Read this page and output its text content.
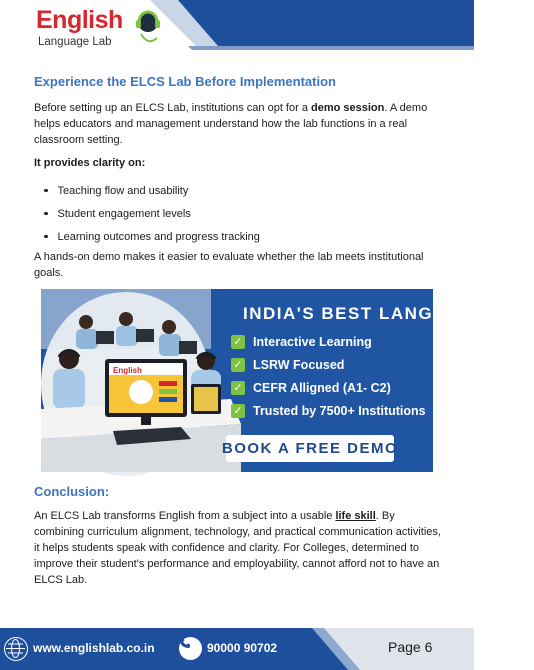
English
Language Lab
Experience the ELCS Lab Before Implementation
Before setting up an ELCS Lab, institutions can opt for a demo session. A demo helps educators and management understand how the lab functions in a real classroom setting.
It provides clarity on:
Teaching flow and usability
Student engagement levels
Learning outcomes and progress tracking
A hands-on demo makes it easier to evaluate whether the lab meets institutional goals.
English
INDIA'S BEST LANGUAGE LAB
✓ Interactive Learning
✓ LSRW Focused
✓ CEFR Alligned (A1- C2)
✓ Trusted by 7500+ Institutions
BOOK A FREE DEMO
Conclusion:
An ELCS Lab transforms English from a subject into a usable life skill. By combining curriculum alignment, technology, and practical communication activities, it helps students speak with confidence and clarity. For Colleges, determined to improve their student's performance and employability, cannot afford not to have an ELCS Lab.
www.englishlab.co.in	90000 90702	Page 6
